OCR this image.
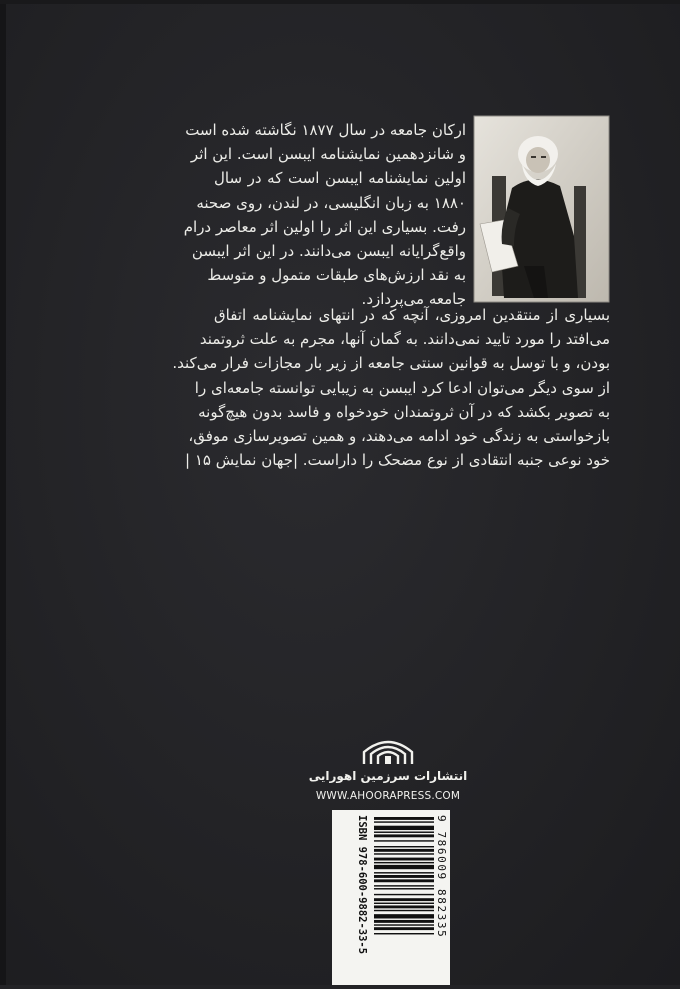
ارکان جامعه در سال ۱۸۷۷ نگاشته شده است
و شانزدهمین نمایشنامه ایبسن است. این اثر
اولین نمایشنامه ایبسن است که در سال
۱۸۸۰ به زبان انگلیسی، در لندن، روی صحنه
رفت. بسیاری این اثر را اولین اثر معاصر درام
واقع‌گرایانه ایبسن می‌دانند. در این اثر ایبسن
به نقد ارزش‌های طبقات متمول و متوسط
جامعه می‌پردازد.
بسیاری از منتقدین امروزی، آنچه که در انتهای نمایشنامه اتفاق
می‌افتد را مورد تایید نمی‌دانند. به گمان آنها، مجرم به علت ثروتمند
بودن، و با توسل به قوانین سنتی جامعه از زیر بار مجازات فرار می‌کند.
از سوی دیگر می‌توان ادعا کرد ایبسن به زیبایی توانسته جامعه‌ای را
به تصویر بکشد که در آن ثروتمندان خودخواه و فاسد بدون هیچ‌گونه
بازخواستی به زندگی خود ادامه می‌دهند، و همین تصویرسازی موفق،
خود نوعی جنبه انتقادی از نوع مضحک را داراست. |جهان نمایش ۱۵ |
انتشارات سرزمین اهورایی
WWW.AHOORAPRESS.COM
ISBN 978-600-9882-33-5	9 786009 882335
